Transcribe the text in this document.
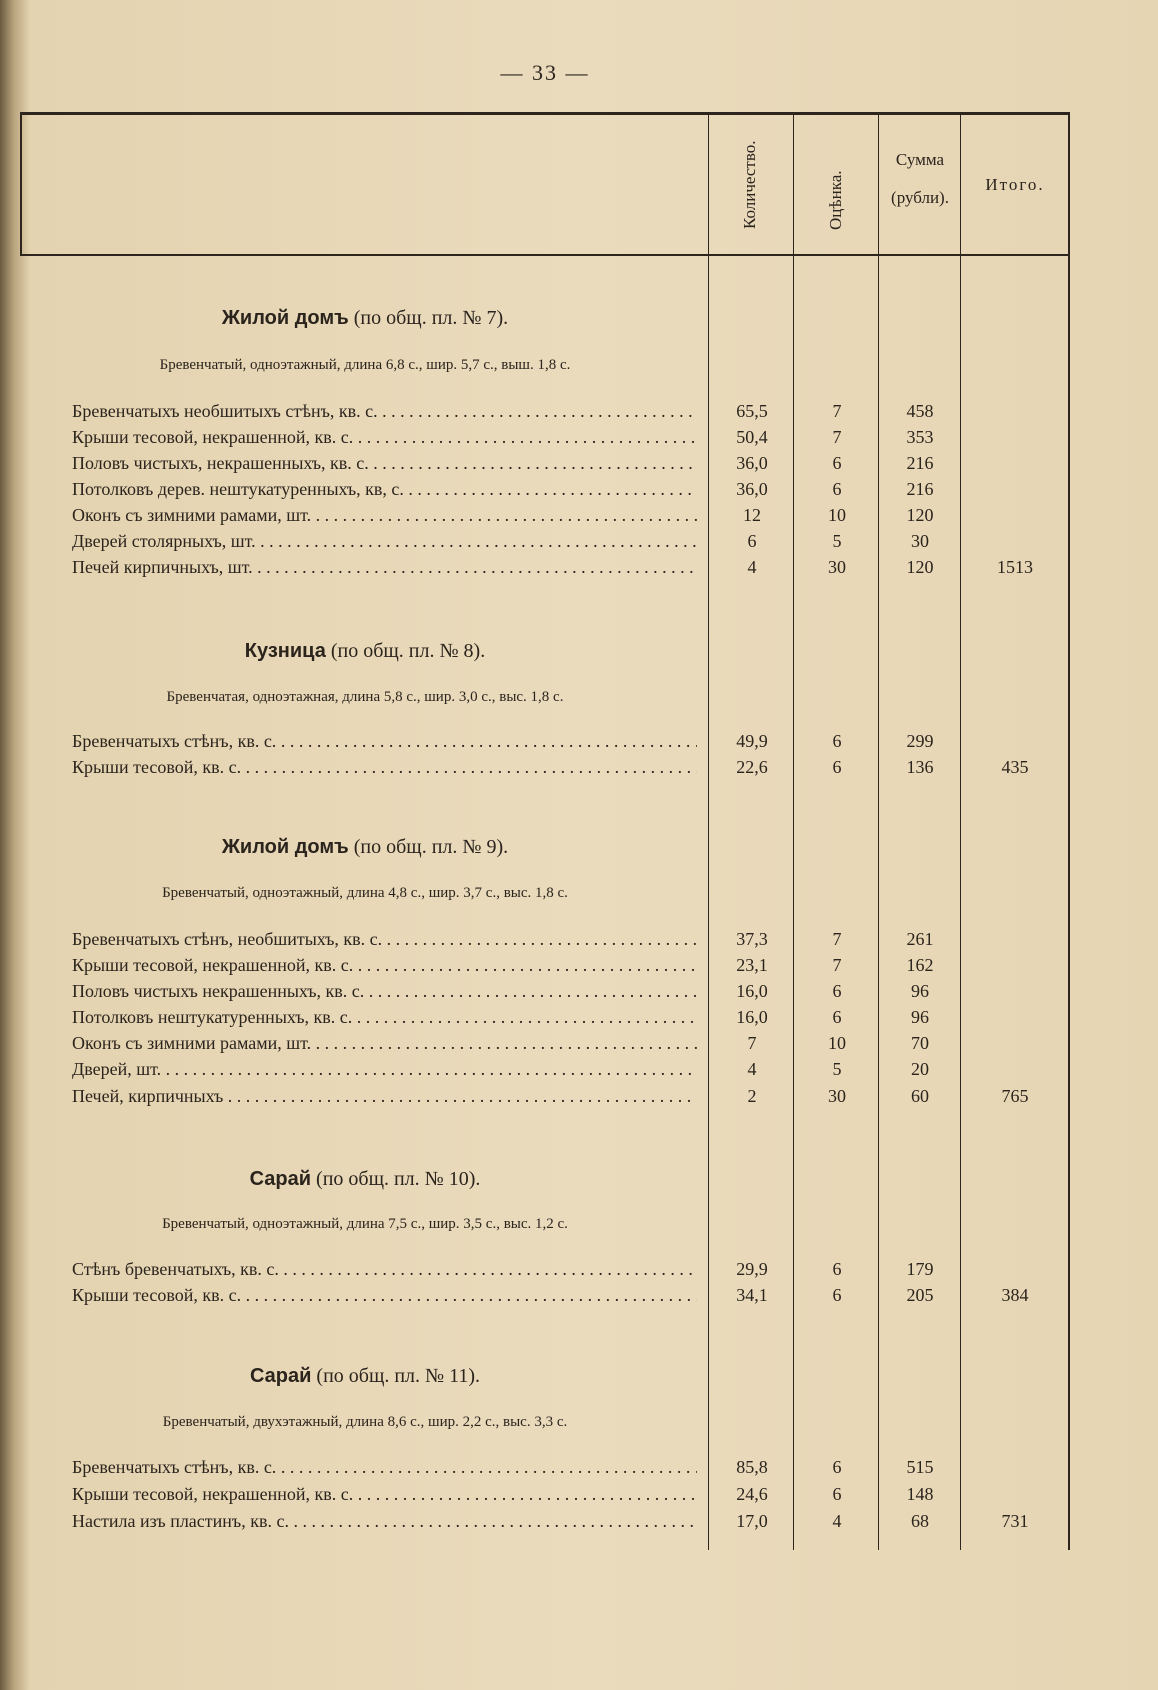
— 33 —
Количество.	Оцѣнка.
Сумма
(рубли).
Итого.
Жилой домъ (по общ. пл. № 7).
Бревенчатый, одноэтажный, длина 6,8 с., шир. 5,7 с., выш. 1,8 с.
Бревенчатыхъ необшитыхъ стѣнъ, кв. с. . . .	65,5	7	458
Крыши тесовой, некрашенной, кв. с. . . .	50,4	7	353
Половъ чистыхъ, некрашенныхъ, кв. с. . . .	36,0	6	216
Потолковъ дерев. нештукатуренныхъ, кв, с. . . .	36,0	6	216
Оконъ съ зимними рамами, шт. . . .	12	10	120
Дверей столярныхъ, шт. . . .	6	5	30
Печей кирпичныхъ, шт. . . .	4	30	120	1513
Кузница (по общ. пл. № 8).
Бревенчатая, одноэтажная, длина 5,8 с., шир. 3,0 с., выс. 1,8 с.
Бревенчатыхъ стѣнъ, кв. с. . . .	49,9	6	299
Крыши тесовой, кв. с. . . .	22,6	6	136	435
Жилой домъ (по общ. пл. № 9).
Бревенчатый, одноэтажный, длина 4,8 с., шир. 3,7 с., выс. 1,8 с.
Бревенчатыхъ стѣнъ, необшитыхъ, кв. с. . . .	37,3	7	261
Крыши тесовой, некрашенной, кв. с. . . .	23,1	7	162
Половъ чистыхъ некрашенныхъ, кв. с. . . .	16,0	6	96
Потолковъ нештукатуренныхъ, кв. с. . . .	16,0	6	96
Оконъ съ зимними рамами, шт. . . .	7	10	70
Дверей, шт. . . .	4	5	20
Печей, кирпичныхъ . . .	2	30	60	765
Сарай (по общ. пл. № 10).
Бревенчатый, одноэтажный, длина 7,5 с., шир. 3,5 с., выс. 1,2 с.
Стѣнъ бревенчатыхъ, кв. с. . . .	29,9	6	179
Крыши тесовой, кв. с. . . .	34,1	6	205	384
Сарай (по общ. пл. № 11).
Бревенчатый, двухэтажный, длина 8,6 с., шир. 2,2 с., выс. 3,3 с.
Бревенчатыхъ стѣнъ, кв. с. . . .	85,8	6	515
Крыши тесовой, некрашенной, кв. с. . . .	24,6	6	148
Настила изъ пластинъ, кв. с. . . .	17,0	4	68	731
